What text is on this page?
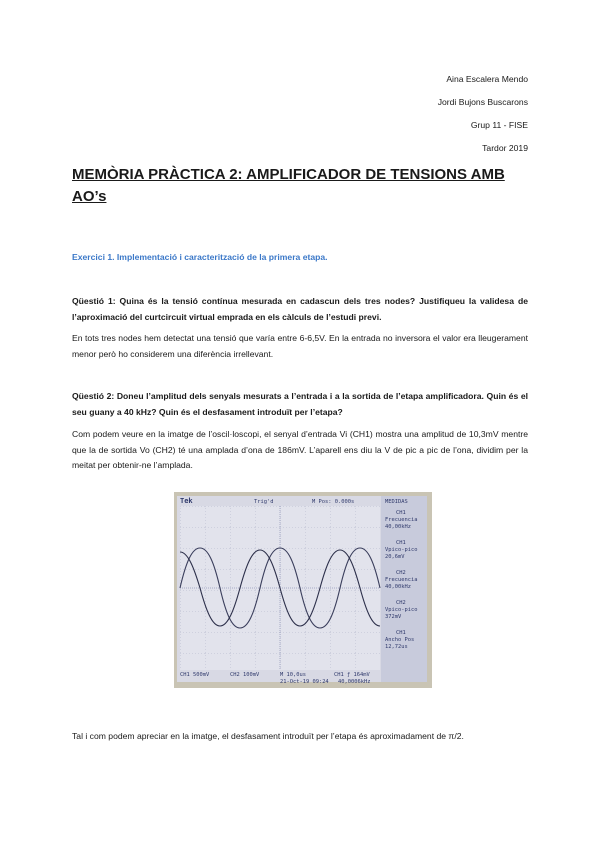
Aina Escalera Mendo
Jordi Bujons Buscarons
Grup 11 - FISE
Tardor 2019
MEMÒRIA PRÀCTICA 2: AMPLIFICADOR DE TENSIONS AMB AO’s
Exercici 1. Implementació i caracterització de la primera etapa.
Qüestió 1: Quina és la tensió contínua mesurada en cadascun dels tres nodes? Justifiqueu la validesa de l’aproximació del curtcircuit virtual emprada en els càlculs de l’estudi previ.
En tots tres nodes hem detectat una tensió que varía entre 6-6,5V. En la entrada no inversora el valor era lleugerament menor però ho considerem una diferència irrellevant.
Qüestió 2: Doneu l’amplitud dels senyals mesurats a l’entrada i a la sortida de l’etapa amplificadora. Quin és el seu guany a 40 kHz? Quin és el desfasament introduït per l’etapa?
Com podem veure en la imatge de l’oscil·loscopi, el senyal d’entrada Vi (CH1) mostra una amplitud de 10,3mV mentre que la de sortida Vo (CH2) té una amplada d’ona de 186mV. L’aparell ens diu la V de pic a pic de l’ona, dividim per la meitat per obtenir-ne l’amplada.
Tek	Trig'd	M Pos: 0.000s	MEDIDAS
CH1
Frecuencia
40,00kHz
CH1
Vpico-pico
20,6mV
CH2
Frecuencia
40,00kHz
CH2
Vpico-pico
372mV
CH1
Ancho Pos
12,72us
CH1 500mV	CH2 100mV	M 10,0us	CH1 ƒ 164mV
21-Oct-19 09:24 40,0006kHz
Tal i com podem apreciar en la imatge, el desfasament introduït per l’etapa és aproximadament de π/2.
